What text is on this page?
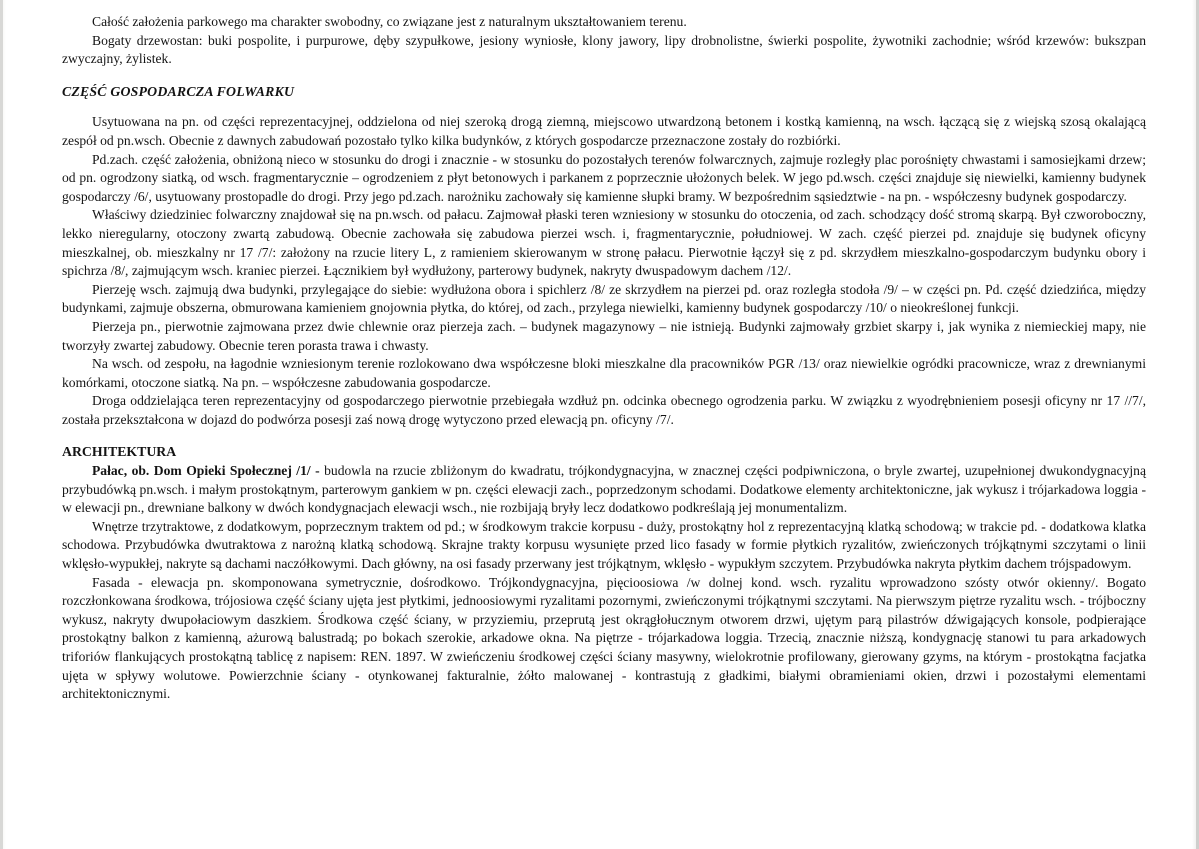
Całość założenia parkowego ma charakter swobodny, co związane jest z naturalnym ukształtowaniem terenu.

Bogaty drzewostan: buki pospolite, i purpurowe, dęby szypułkowe, jesiony wyniosłe, klony jawory, lipy drobnolistne, świerki pospolite, żywotniki zachodnie; wśród krzewów: bukszpan zwyczajny, żylistek.

CZĘŚĆ GOSPODARCZA FOLWARKU

Usytuowana na pn. od części reprezentacyjnej, oddzielona od niej szeroką drogą ziemną, miejscowo utwardzoną betonem i kostką kamienną, na wsch. łączącą się z wiejską szosą okalającą zespół od pn.wsch. Obecnie z dawnych zabudowań pozostało tylko kilka budynków, z których gospodarcze przeznaczone zostały do rozbiórki.

Pd.zach. część założenia, obniżoną nieco w stosunku do drogi i znacznie - w stosunku do pozostałych terenów folwarcznych, zajmuje rozległy plac porośnięty chwastami i samosiejkami drzew; od pn. ogrodzony siatką, od wsch. fragmentarycznie – ogrodzeniem z płyt betonowych i parkanem z poprzecznie ułożonych belek. W jego pd.wsch. części znajduje się niewielki, kamienny budynek gospodarczy /6/, usytuowany prostopadle do drogi. Przy jego pd.zach. narożniku zachowały się kamienne słupki bramy. W bezpośrednim sąsiedztwie - na pn. - współczesny budynek gospodarczy.

Właściwy dziedziniec folwarczny znajdował się na pn.wsch. od pałacu. Zajmował płaski teren wzniesiony w stosunku do otoczenia, od zach. schodzący dość stromą skarpą. Był czworoboczny, lekko nieregularny, otoczony zwartą zabudową. Obecnie zachowała się zabudowa pierzei wsch. i, fragmentarycznie, południowej. W zach. część pierzei pd. znajduje się budynek oficyny mieszkalnej, ob. mieszkalny nr 17 /7/: założony na rzucie litery L, z ramieniem skierowanym w stronę pałacu. Pierwotnie łączył się z pd. skrzydłem mieszkalno-gospodarczym budynku obory i spichrza /8/, zajmującym wsch. kraniec pierzei. Łącznikiem był wydłużony, parterowy budynek, nakryty dwuspadowym dachem /12/.

Pierzeję wsch. zajmują dwa budynki, przylegające do siebie: wydłużona obora i spichlerz /8/ ze skrzydłem na pierzei pd. oraz rozległa stodoła /9/ – w części pn. Pd. część dziedzińca, między budynkami, zajmuje obszerna, obmurowana kamieniem gnojownia płytka, do której, od zach., przylega niewielki, kamienny budynek gospodarczy /10/ o nieokreślonej funkcji.

Pierzeja pn., pierwotnie zajmowana przez dwie chlewnie oraz pierzeja zach. – budynek magazynowy – nie istnieją. Budynki zajmowały grzbiet skarpy i, jak wynika z niemieckiej mapy, nie tworzyły zwartej zabudowy. Obecnie teren porasta trawa i chwasty.

Na wsch. od zespołu, na łagodnie wzniesionym terenie rozlokowano dwa współczesne bloki mieszkalne dla pracowników PGR /13/ oraz niewielkie ogródki pracownicze, wraz z drewnianymi komórkami, otoczone siatką. Na pn. – współczesne zabudowania gospodarcze.

Droga oddzielająca teren reprezentacyjny od gospodarczego pierwotnie przebiegała wzdłuż pn. odcinka obecnego ogrodzenia parku. W związku z wyodrębnieniem posesji oficyny nr 17 //7/, została przekształcona w dojazd do podwórza posesji zaś nową drogę wytyczono przed elewacją pn. oficyny /7/.

ARCHITEKTURA

Pałac, ob. Dom Opieki Społecznej /1/ - budowla na rzucie zbliżonym do kwadratu, trójkondygnacyjna, w znacznej części podpiwniczona, o bryle zwartej, uzupełnionej dwukondygnacyjną przybudówką pn.wsch. i małym prostokątnym, parterowym gankiem w pn. części elewacji zach., poprzedzonym schodami. Dodatkowe elementy architektoniczne, jak wykusz i trójarkadowa loggia - w elewacji pn., drewniane balkony w dwóch kondygnacjach elewacji wsch., nie rozbijają bryły lecz dodatkowo podkreślają jej monumentalizm.

Wnętrze trzytraktowe, z dodatkowym, poprzecznym traktem od pd.; w środkowym trakcie korpusu - duży, prostokątny hol z reprezentacyjną klatką schodową; w trakcie pd. - dodatkowa klatka schodowa. Przybudówka dwutraktowa z narożną klatką schodową. Skrajne trakty korpusu wysunięte przed lico fasady w formie płytkich ryzalitów, zwieńczonych trójkątnymi szczytami o linii wklęsło-wypukłej, nakryte są dachami naczółkowymi. Dach główny, na osi fasady przerwany jest trójkątnym, wklęsło - wypukłym szczytem. Przybudówka nakryta płytkim dachem trójspadowym.

Fasada - elewacja pn. skomponowana symetrycznie, dośrodkowo. Trójkondygnacyjna, pięcioosiowa /w dolnej kond. wsch. ryzalitu wprowadzono szósty otwór okienny/. Bogato rozczłonkowana środkowa, trójosiowa część ściany ujęta jest płytkimi, jednoosiowymi ryzalitami pozornymi, zwieńczonymi trójkątnymi szczytami. Na pierwszym piętrze ryzalitu wsch. - trójboczny wykusz, nakryty dwupołaciowym daszkiem. Środkowa część ściany, w przyziemiu, przeprutą jest okrągłołucznym otworem drzwi, ujętym parą pilastrów dźwigających konsole, podpierające prostokątny balkon z kamienną, ażurową balustradą; po bokach szerokie, arkadowe okna. Na piętrze - trójarkadowa loggia. Trzecią, znacznie niższą, kondygnację stanowi tu para arkadowych triforiów flankujących prostokątną tablicę z napisem: REN. 1897. W zwieńczeniu środkowej części ściany masywny, wielokrotnie profilowany, gierowany gzyms, na którym - prostokątna facjatka ujęta w spływy wolutowe. Powierzchnie ściany - otynkowanej fakturalnie, żółto malowanej - kontrastują z gładkimi, białymi obramieniami okien, drzwi i pozostałymi elementami architektonicznymi.
